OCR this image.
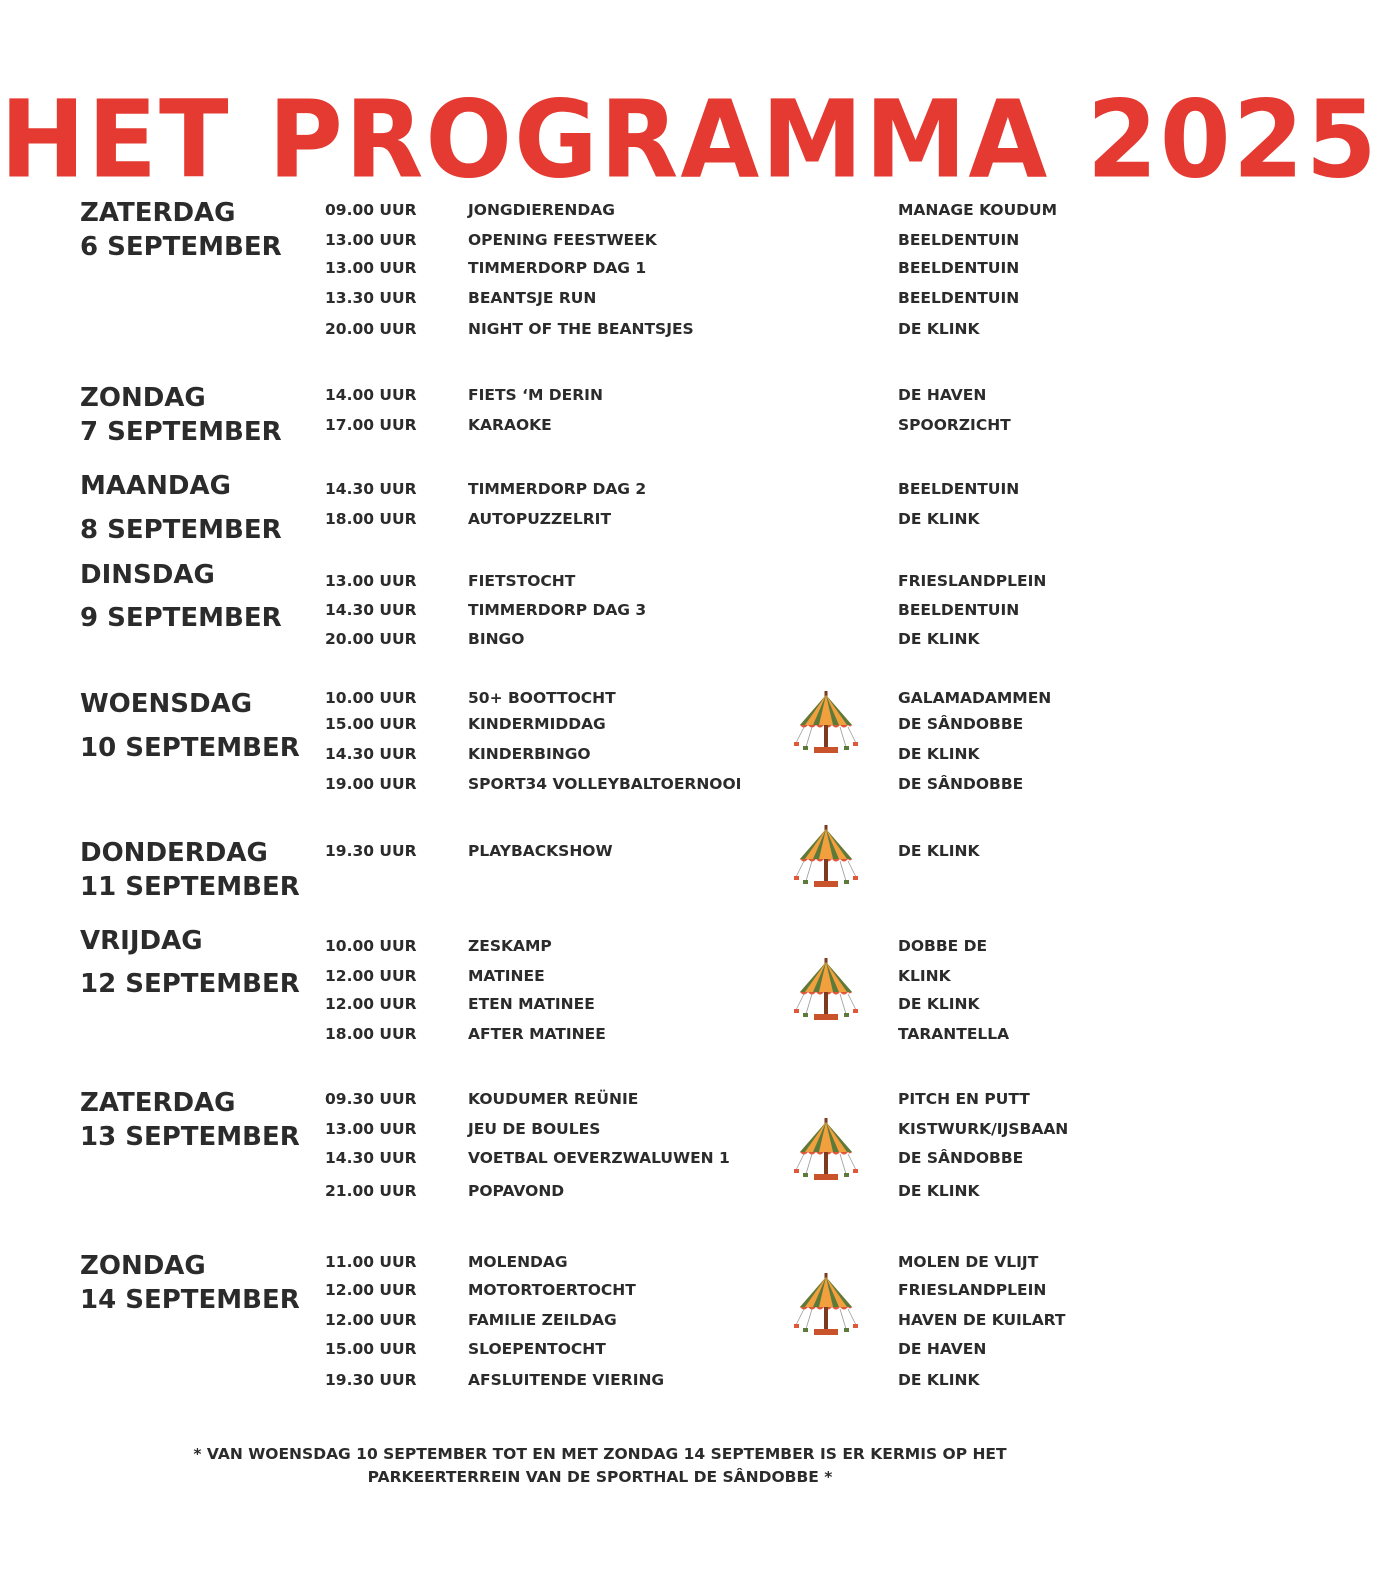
HET PROGRAMMA 2025
ZATERDAG
6 SEPTEMBER
09.00 UUR	JONGDIERENDAG	MANAGE KOUDUM
13.00 UUR	OPENING FEESTWEEK	BEELDENTUIN
13.00 UUR	TIMMERDORP DAG 1	BEELDENTUIN
13.30 UUR	BEANTSJE RUN	BEELDENTUIN
20.00 UUR	NIGHT OF THE BEANTSJES	DE KLINK
ZONDAG
7 SEPTEMBER
14.00 UUR	FIETS ‘M DERIN	DE HAVEN
17.00 UUR	KARAOKE	SPOORZICHT
MAANDAG
8 SEPTEMBER
14.30 UUR	TIMMERDORP DAG 2	BEELDENTUIN
18.00 UUR	AUTOPUZZELRIT	DE KLINK
DINSDAG
9 SEPTEMBER
13.00 UUR	FIETSTOCHT	FRIESLANDPLEIN
14.30 UUR	TIMMERDORP DAG 3	BEELDENTUIN
20.00 UUR	BINGO	DE KLINK
WOENSDAG
10 SEPTEMBER
10.00 UUR	50+ BOOTTOCHT	GALAMADAMMEN
15.00 UUR	KINDERMIDDAG	DE SÂNDOBBE
14.30 UUR	KINDERBINGO	DE KLINK
19.00 UUR	SPORT34 VOLLEYBALTOERNOOI	DE SÂNDOBBE
DONDERDAG
11 SEPTEMBER
19.30 UUR	PLAYBACKSHOW	DE KLINK
VRIJDAG
12 SEPTEMBER
10.00 UUR	ZESKAMP	DOBBE DE
12.00 UUR	MATINEE	KLINK
12.00 UUR	ETEN MATINEE	DE KLINK
18.00 UUR	AFTER MATINEE	TARANTELLA
ZATERDAG
13 SEPTEMBER
09.30 UUR	KOUDUMER REÜNIE	PITCH EN PUTT
13.00 UUR	JEU DE BOULES	KISTWURK/IJSBAAN
14.30 UUR	VOETBAL OEVERZWALUWEN 1	DE SÂNDOBBE
21.00 UUR	POPAVOND	DE KLINK
ZONDAG
14 SEPTEMBER
11.00 UUR	MOLENDAG	MOLEN DE VLIJT
12.00 UUR	MOTORTOERTOCHT	FRIESLANDPLEIN
12.00 UUR	FAMILIE ZEILDAG	HAVEN DE KUILART
15.00 UUR	SLOEPENTOCHT	DE HAVEN
19.30 UUR	AFSLUITENDE VIERING	DE KLINK
* VAN WOENSDAG 10 SEPTEMBER TOT EN MET ZONDAG 14 SEPTEMBER IS ER KERMIS OP HET
PARKEERTERREIN VAN DE SPORTHAL DE SÂNDOBBE *
